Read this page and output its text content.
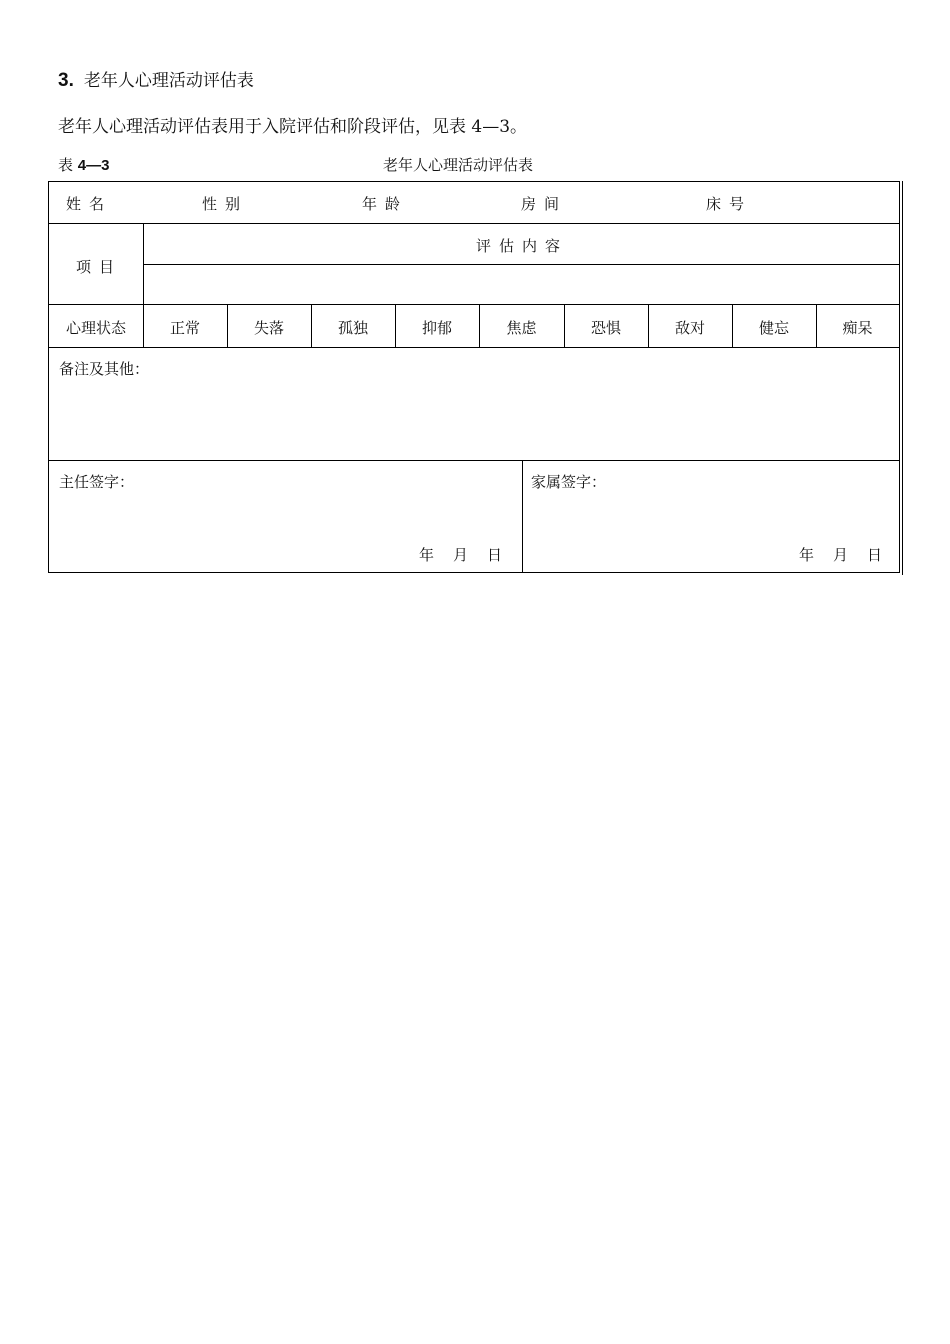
3. 老年人心理活动评估表
老年人心理活动评估表用于入院评估和阶段评估，见表 4—3。
表 4—3	老年人心理活动评估表
姓名	性别	年龄	房间	床号
项目
评估内容
心理状态	正常	失落	孤独	抑郁	焦虑	恐惧	敌对	健忘	痴呆
备注及其他：
主任签字：	家属签字：
年 月 日	年 月 日
